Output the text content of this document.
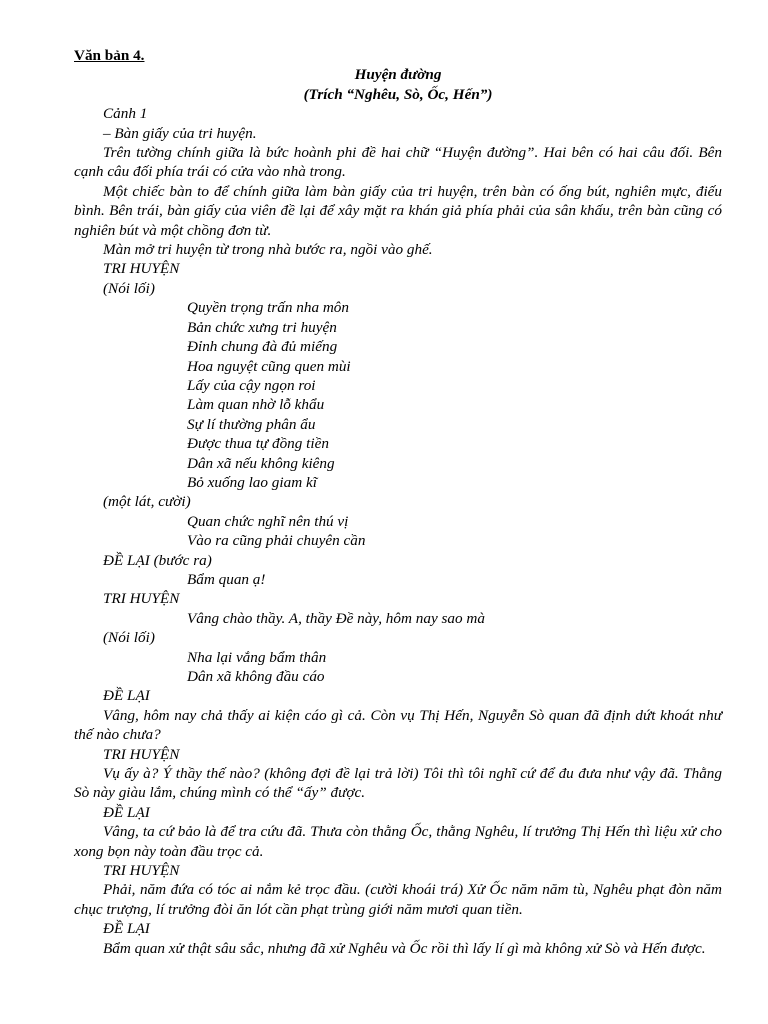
Văn bản 4.

Huyện đường

(Trích “Nghêu, Sò, Ốc, Hến”)

Cảnh 1

– Bàn giấy của tri huyện.

Trên tường chính giữa là bức hoành phi đề hai chữ “Huyện đường”. Hai bên có hai câu đối. Bên cạnh câu đối phía trái có cửa vào nhà trong.

Một chiếc bàn to để chính giữa làm bàn giấy của tri huyện, trên bàn có ống bút, nghiên mực, điếu bình. Bên trái, bàn giấy của viên đề lại để xây mặt ra khán giả phía phải của sân khấu, trên bàn cũng có nghiên bút và một chồng đơn từ.

Màn mở tri huyện từ trong nhà bước ra, ngồi vào ghế.

TRI HUYỆN

(Nói lối)

Quyền trọng trấn nha môn

Bản chức xưng tri huyện

Đỉnh chung đà đủ miếng

Hoa nguyệt cũng quen mùi

Lấy của cậy ngọn roi

Làm quan nhờ lỗ khẩu

Sự lí thường phân ẩu

Được thua tự đồng tiền

Dân xã nếu không kiêng

Bỏ xuống lao giam kĩ

(một lát, cười)

Quan chức nghĩ nên thú vị

Vào ra cũng phải chuyên cần

ĐỀ LẠI (bước ra)

Bẩm quan ạ!

TRI HUYỆN

Vâng chào thầy. A, thầy Đề này, hôm nay sao mà

(Nói lối)

Nha lại vắng bẩm thân

Dân xã không đầu cáo

ĐỀ LẠI

Vâng, hôm nay chả thấy ai kiện cáo gì cả. Còn vụ Thị Hến, Nguyễn Sò quan đã định dứt khoát như thế nào chưa?

TRI HUYỆN

Vụ ấy à? Ý thầy thế nào? (không đợi đề lại trả lời) Tôi thì tôi nghĩ cứ để đu đưa như vậy đã. Thằng Sò này giàu lắm, chúng mình có thể “ấy” được.

ĐỀ LẠI

Vâng, ta cứ bảo là để tra cứu đã. Thưa còn thằng Ốc, thằng Nghêu, lí trưởng Thị Hến thì liệu xử cho xong bọn này toàn đầu trọc cả.

TRI HUYỆN

Phải, năm đứa có tóc ai nắm kẻ trọc đầu. (cười khoái trá) Xử Ốc năm năm tù, Nghêu phạt đòn năm chục trượng, lí trưởng đòi ăn lót cần phạt trùng giới năm mươi quan tiền.

ĐỀ LẠI

Bẩm quan xử thật sâu sắc, nhưng đã xử Nghêu và Ốc rồi thì lấy lí gì mà không xử Sò và Hến được.
